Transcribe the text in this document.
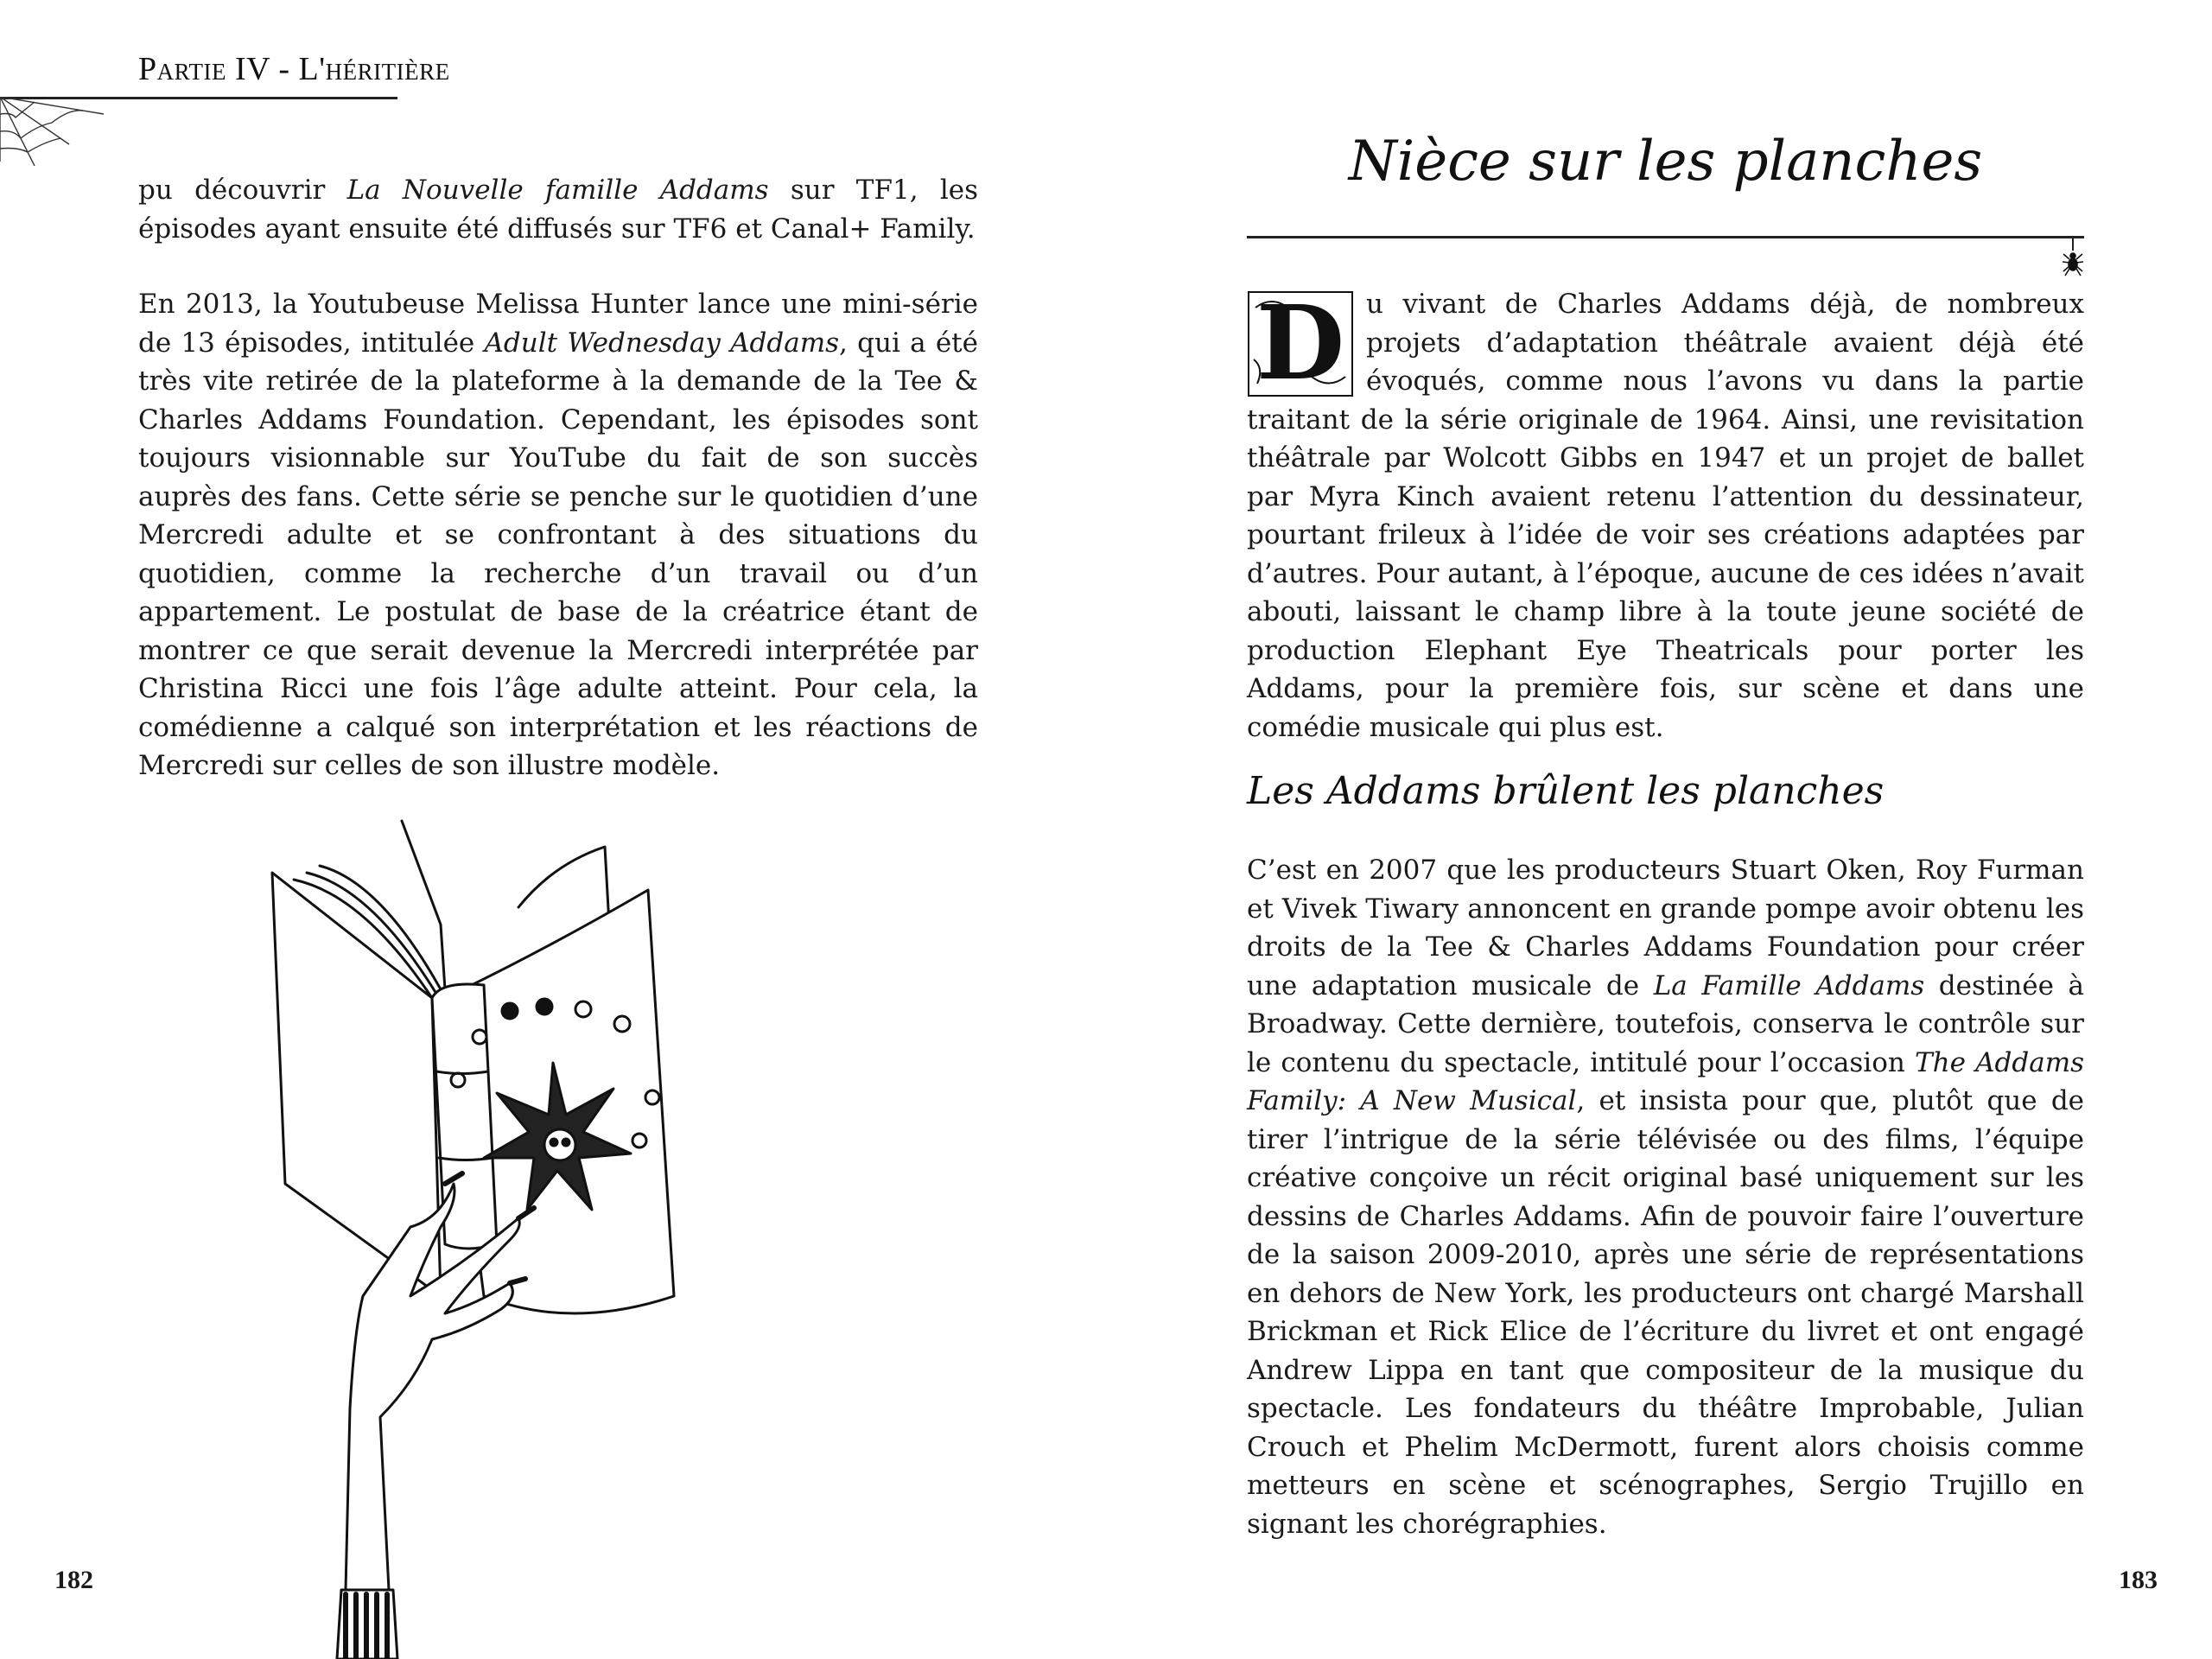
Partie IV - L'héritière

pu découvrir La Nouvelle famille Addams sur TF1, les épisodes ayant ensuite été diffusés sur TF6 et Canal+ Family.

En 2013, la Youtubeuse Melissa Hunter lance une mini-série de 13 épisodes, intitulée Adult Wednesday Addams, qui a été très vite retirée de la plateforme à la demande de la Tee & Charles Addams Foundation. Cependant, les épisodes sont toujours visionnable sur YouTube du fait de son succès auprès des fans. Cette série se penche sur le quotidien d’une Mercredi adulte et se confrontant à des situations du quotidien, comme la recherche d’un travail ou d’un appartement. Le postulat de base de la créatrice étant de montrer ce que serait devenue la Mercredi interprétée par Christina Ricci une fois l’âge adulte atteint. Pour cela, la comédienne a calqué son interprétation et les réactions de Mercredi sur celles de son illustre modèle.

182
Nièce sur les planches
D u vivant de Charles Addams déjà, de nombreux projets d’adaptation théâtrale avaient déjà été évoqués, comme nous l’avons vu dans la partie traitant de la série originale de 1964. Ainsi, une revisitation théâtrale par Wolcott Gibbs en 1947 et un projet de ballet par Myra Kinch avaient retenu l’attention du dessinateur, pourtant frileux à l’idée de voir ses créations adaptées par d’autres. Pour autant, à l’époque, aucune de ces idées n’avait abouti, laissant le champ libre à la toute jeune société de production Elephant Eye Theatricals pour porter les Addams, pour la première fois, sur scène et dans une comédie musicale qui plus est.
Les Addams brûlent les planches

C’est en 2007 que les producteurs Stuart Oken, Roy Furman et Vivek Tiwary annoncent en grande pompe avoir obtenu les droits de la Tee & Charles Addams Foundation pour créer une adaptation musicale de La Famille Addams destinée à Broadway. Cette dernière, toutefois, conserva le contrôle sur le contenu du spectacle, intitulé pour l’occasion The Addams Family: A New Musical, et insista pour que, plutôt que de tirer l’intrigue de la série télévisée ou des films, l’équipe créative conçoive un récit original basé uniquement sur les dessins de Charles Addams. Afin de pouvoir faire l’ouverture de la saison 2009-2010, après une série de représentations en dehors de New York, les producteurs ont chargé Marshall Brickman et Rick Elice de l’écriture du livret et ont engagé Andrew Lippa en tant que compositeur de la musique du spectacle. Les fondateurs du théâtre Improbable, Julian Crouch et Phelim McDermott, furent alors choisis comme metteurs en scène et scénographes, Sergio Trujillo en signant les chorégraphies.

183
